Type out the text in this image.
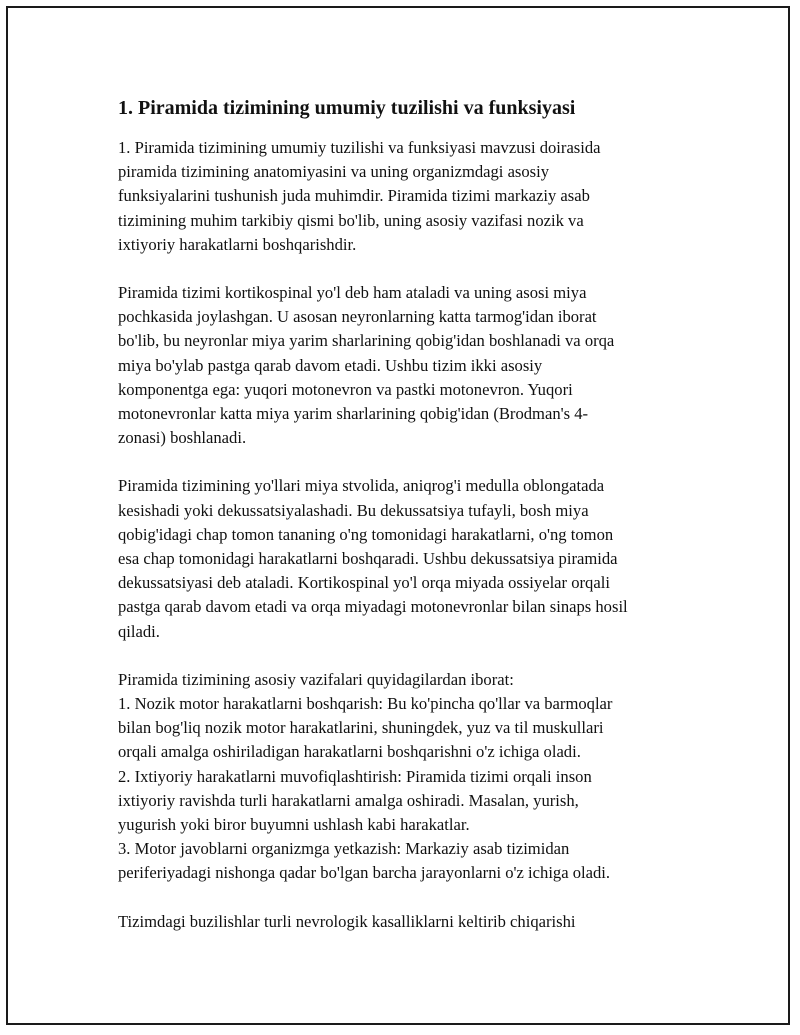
1. Piramida tizimining umumiy tuzilishi va funksiyasi

1. Piramida tizimining umumiy tuzilishi va funksiyasi mavzusi doirasida
piramida tizimining anatomiyasini va uning organizmdagi asosiy
funksiyalarini tushunish juda muhimdir. Piramida tizimi markaziy asab
tizimining muhim tarkibiy qismi bo'lib, uning asosiy vazifasi nozik va
ixtiyoriy harakatlarni boshqarishdir.

Piramida tizimi kortikospinal yo'l deb ham ataladi va uning asosi miya
pochkasida joylashgan. U asosan neyronlarning katta tarmog'idan iborat
bo'lib, bu neyronlar miya yarim sharlarining qobig'idan boshlanadi va orqa
miya bo'ylab pastga qarab davom etadi. Ushbu tizim ikki asosiy
komponentga ega: yuqori motonevron va pastki motonevron. Yuqori
motonevronlar katta miya yarim sharlarining qobig'idan (Brodman's 4-
zonasi) boshlanadi.

Piramida tizimining yo'llari miya stvolida, aniqrog'i medulla oblongatada
kesishadi yoki dekussatsiyalashadi. Bu dekussatsiya tufayli, bosh miya
qobig'idagi chap tomon tananing o'ng tomonidagi harakatlarni, o'ng tomon
esa chap tomonidagi harakatlarni boshqaradi. Ushbu dekussatsiya piramida
dekussatsiyasi deb ataladi. Kortikospinal yo'l orqa miyada ossiyelar orqali
pastga qarab davom etadi va orqa miyadagi motonevronlar bilan sinaps hosil
qiladi.

Piramida tizimining asosiy vazifalari quyidagilardan iborat:
1. Nozik motor harakatlarni boshqarish: Bu ko'pincha qo'llar va barmoqlar
bilan bog'liq nozik motor harakatlarini, shuningdek, yuz va til muskullari
orqali amalga oshiriladigan harakatlarni boshqarishni o'z ichiga oladi.
2. Ixtiyoriy harakatlarni muvofiqlashtirish: Piramida tizimi orqali inson
ixtiyoriy ravishda turli harakatlarni amalga oshiradi. Masalan, yurish,
yugurish yoki biror buyumni ushlash kabi harakatlar.
3. Motor javoblarni organizmga yetkazish: Markaziy asab tizimidan
periferiyadagi nishonga qadar bo'lgan barcha jarayonlarni o'z ichiga oladi.

Tizimdagi buzilishlar turli nevrologik kasalliklarni keltirib chiqarishi
